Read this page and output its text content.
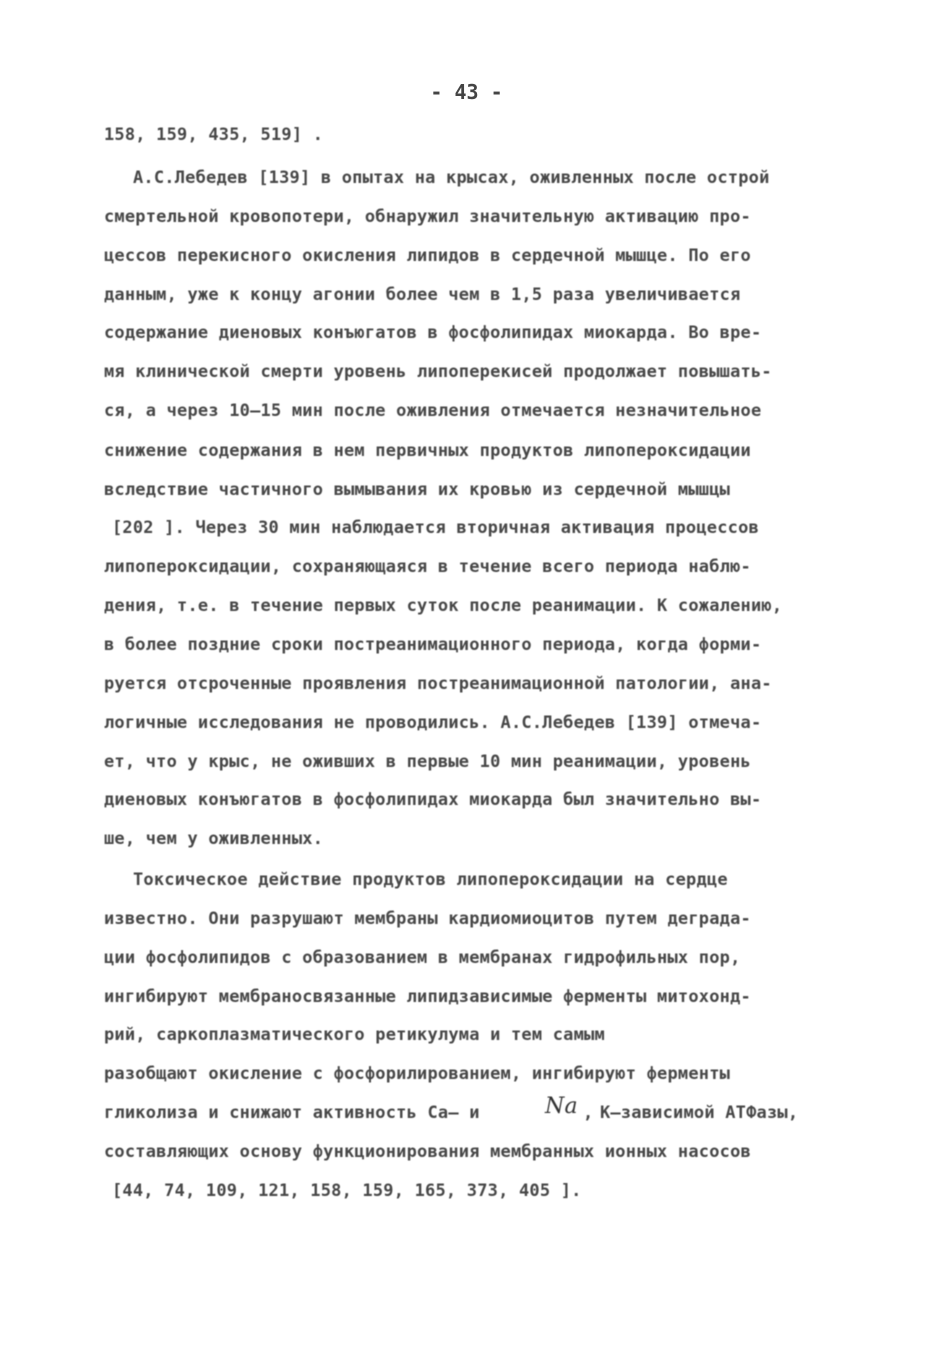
- 43 -
158, 159, 435, 519] .
А.С.Лебедев [139] в опытах на крысах, оживленных после острой
смертельной кровопотери, обнаружил значительную активацию про-
цессов перекисного окисления липидов в сердечной мышце. По его
данным, уже к концу агонии более чем в 1,5 раза увеличивается
содержание диеновых конъюгатов в фосфолипидах миокарда. Во вре-
мя клинической смерти уровень липоперекисей продолжает повышать-
ся, а через 10–15 мин после оживления отмечается незначительное
снижение содержания в нем первичных продуктов липопероксидации
вследствие частичного вымывания их кровью из сердечной мышцы
[202 ]. Через 30 мин наблюдается вторичная активация процессов
липопероксидации, сохраняющаяся в течение всего периода наблю-
дения, т.е. в течение первых суток после реанимации. К сожалению,
в более поздние сроки постреанимационного периода, когда форми-
руется отсроченные проявления постреанимационной патологии, ана-
логичные исследования не проводились. А.С.Лебедев [139] отмеча-
ет, что у крыс, не оживших в первые 10 мин реанимации, уровень
диеновых конъюгатов в фосфолипидах миокарда был значительно вы-
ше, чем у оживленных.
Токсическое действие продуктов липопероксидации на сердце
известно. Они разрушают мембраны кардиомиоцитов путем деграда-
ции фосфолипидов с образованием в мембранах гидрофильных пор,
ингибируют мембраносвязанные липидзависимые ферменты митохонд-
рий, саркоплазматического ретикулума и тем самым
разобщают окисление с фосфорилированием, ингибируют ферменты
гликолиза и снижают активность Са– и	Na , К–зависимой АТФазы,
составляющих основу функционирования мембранных ионных насосов
[44, 74, 109, 121, 158, 159, 165, 373, 405 ].
